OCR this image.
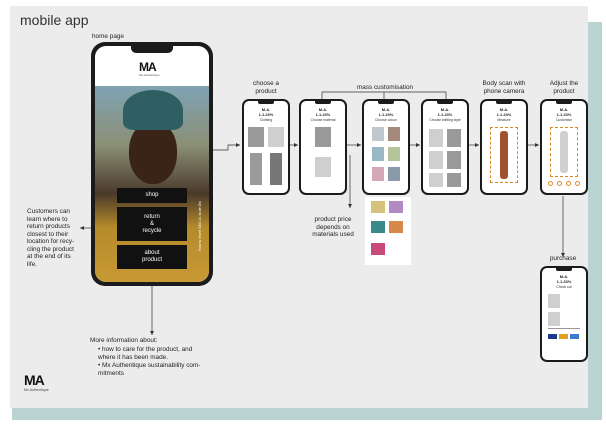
mobile app
home page
MA
Mx Authentique
shop
return
&
recycle
about
product
How to Insert SM L'A: ta de Ovi
Customers can
learn where to
return products
closest to their
location for recy-
cling the product
at the end of its
life.
More information about:
• how to care for the product, and
where it has been made.
• Mx Authentique sustainability com-
mitments
choose a
product	mass customisation
Body scan with
phone camera
Adjust the
product
purchase
product price
depends on
materials used
M.A.
1.1.23%
Clothing
M.A.
1.1.23%
Choose material
M.A.
1.1.23%
Choose colour
M.A.
1.1.23%
Choose knitting style
M.A.
1.1.23%
Measure
M.A.
1.1.23%
Customise
M.A.
1.1.23%
Check out
MA
Mx Authentique
